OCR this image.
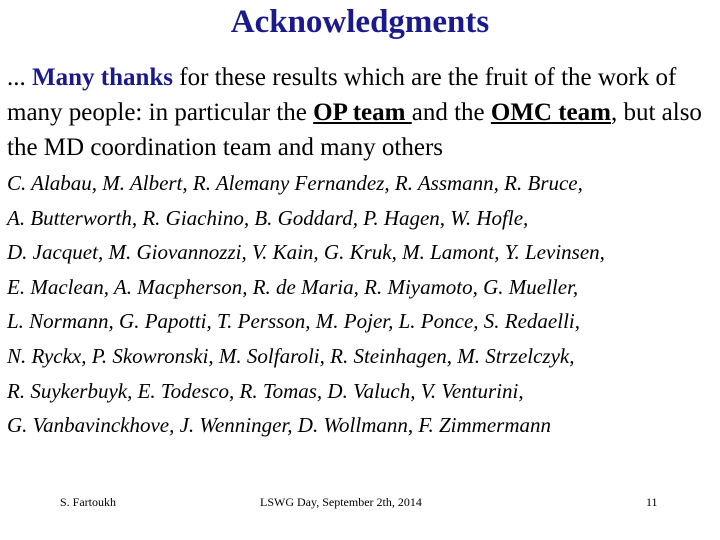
Acknowledgments
... Many thanks for these results which are the fruit of the work of many people: in particular the OP team and the OMC team, but also the MD coordination team and many others
C. Alabau, M. Albert, R. Alemany Fernandez, R. Assmann, R. Bruce,
A. Butterworth, R. Giachino, B. Goddard, P. Hagen, W. Hofle,
D. Jacquet, M. Giovannozzi, V. Kain, G. Kruk, M. Lamont, Y. Levinsen,
E. Maclean, A. Macpherson, R. de Maria, R. Miyamoto, G. Mueller,
L. Normann, G. Papotti, T. Persson, M. Pojer, L. Ponce, S. Redaelli,
N. Ryckx, P. Skowronski, M. Solfaroli, R. Steinhagen, M. Strzelczyk,
R. Suykerbuyk, E. Todesco, R. Tomas, D. Valuch, V. Venturini,
G. Vanbavinckhove, J. Wenninger, D. Wollmann, F. Zimmermann
S. Fartoukh	LSWG Day, September 2th, 2014	11
